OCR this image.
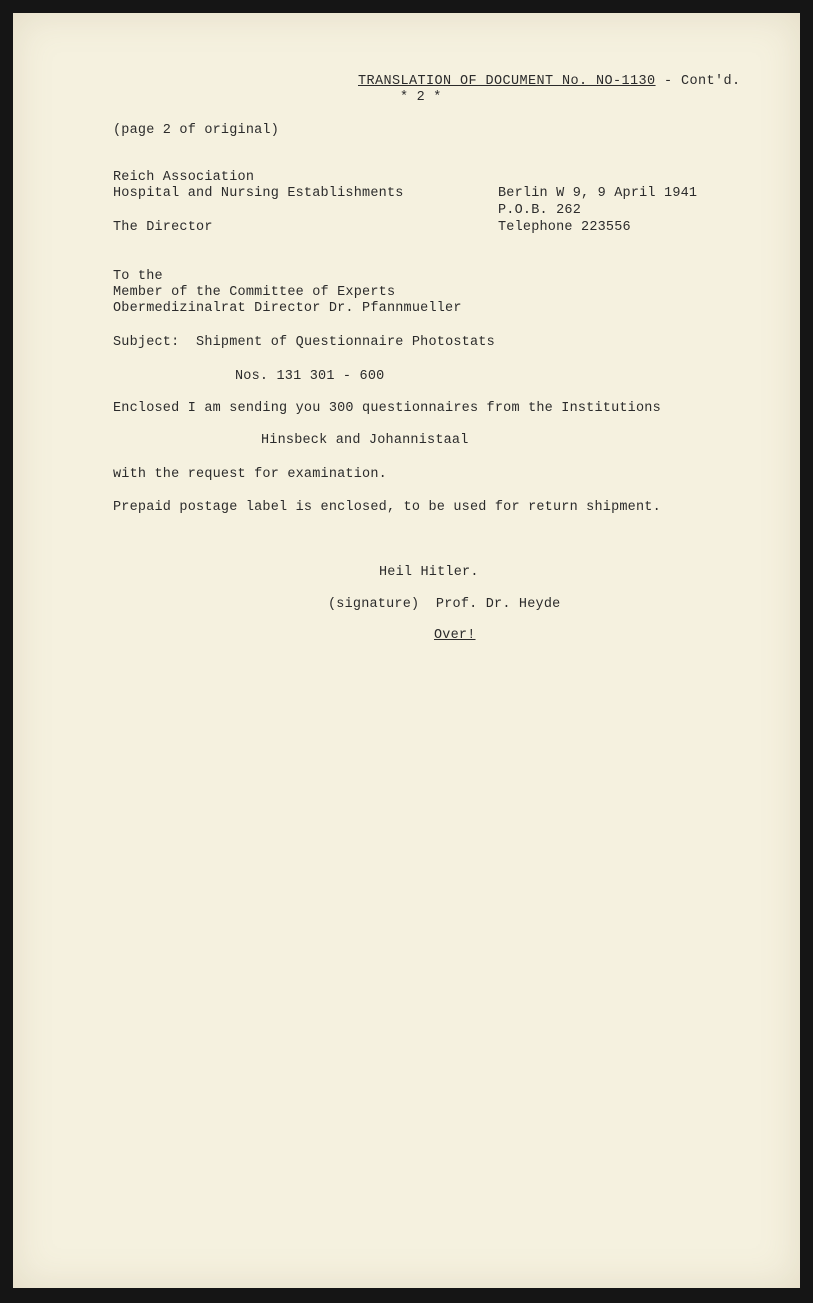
TRANSLATION OF DOCUMENT No. NO-1130 - Cont'd.
* 2 *
(page 2 of original)
Reich Association
Hospital and Nursing Establishments
The Director
Berlin W 9, 9 April 1941
P.O.B. 262
Telephone 223556
To the
Member of the Committee of Experts
Obermedizinalrat Director Dr. Pfannmueller
Subject: Shipment of Questionnaire Photostats
Nos. 131 301 - 600
Enclosed I am sending you 300 questionnaires from the Institutions
Hinsbeck and Johannistaal
with the request for examination.
Prepaid postage label is enclosed, to be used for return shipment.
Heil Hitler.
(signature)  Prof. Dr. Heyde
Over!
